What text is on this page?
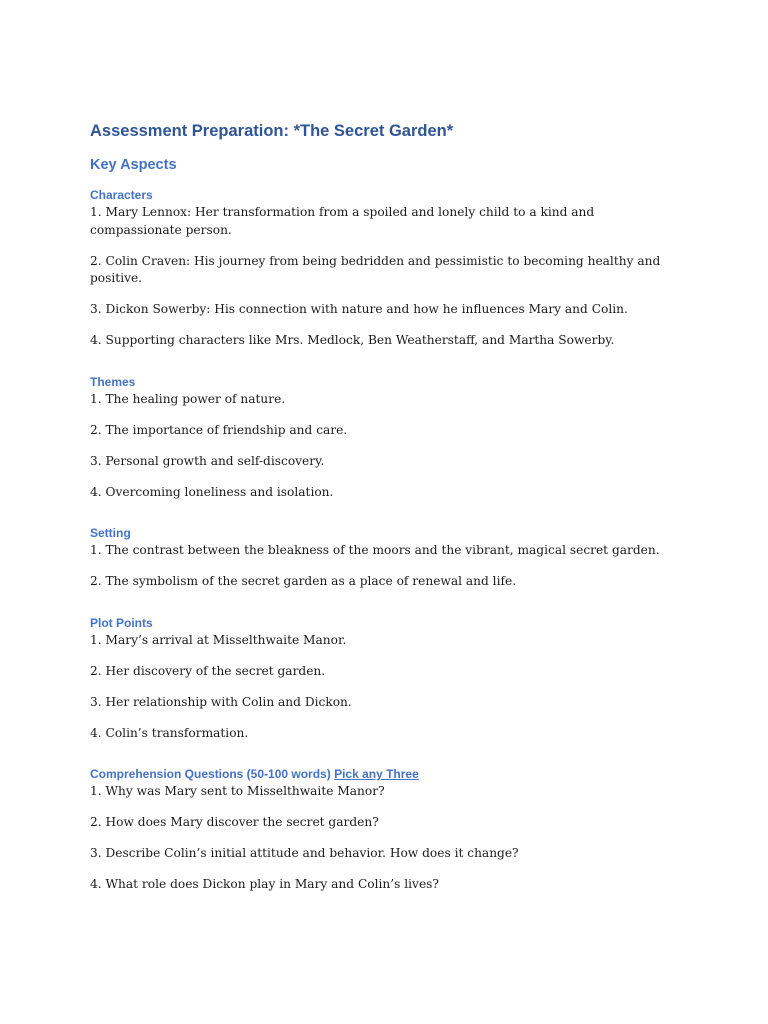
Assessment Preparation: *The Secret Garden*
Key Aspects
Characters
1. Mary Lennox: Her transformation from a spoiled and lonely child to a kind and compassionate person.
2. Colin Craven: His journey from being bedridden and pessimistic to becoming healthy and positive.
3. Dickon Sowerby: His connection with nature and how he influences Mary and Colin.
4. Supporting characters like Mrs. Medlock, Ben Weatherstaff, and Martha Sowerby.
Themes
1. The healing power of nature.
2. The importance of friendship and care.
3. Personal growth and self-discovery.
4. Overcoming loneliness and isolation.
Setting
1. The contrast between the bleakness of the moors and the vibrant, magical secret garden.
2. The symbolism of the secret garden as a place of renewal and life.
Plot Points
1. Mary’s arrival at Misselthwaite Manor.
2. Her discovery of the secret garden.
3. Her relationship with Colin and Dickon.
4. Colin’s transformation.
Comprehension Questions (50-100 words) Pick any Three
1. Why was Mary sent to Misselthwaite Manor?
2. How does Mary discover the secret garden?
3. Describe Colin’s initial attitude and behavior. How does it change?
4. What role does Dickon play in Mary and Colin’s lives?
